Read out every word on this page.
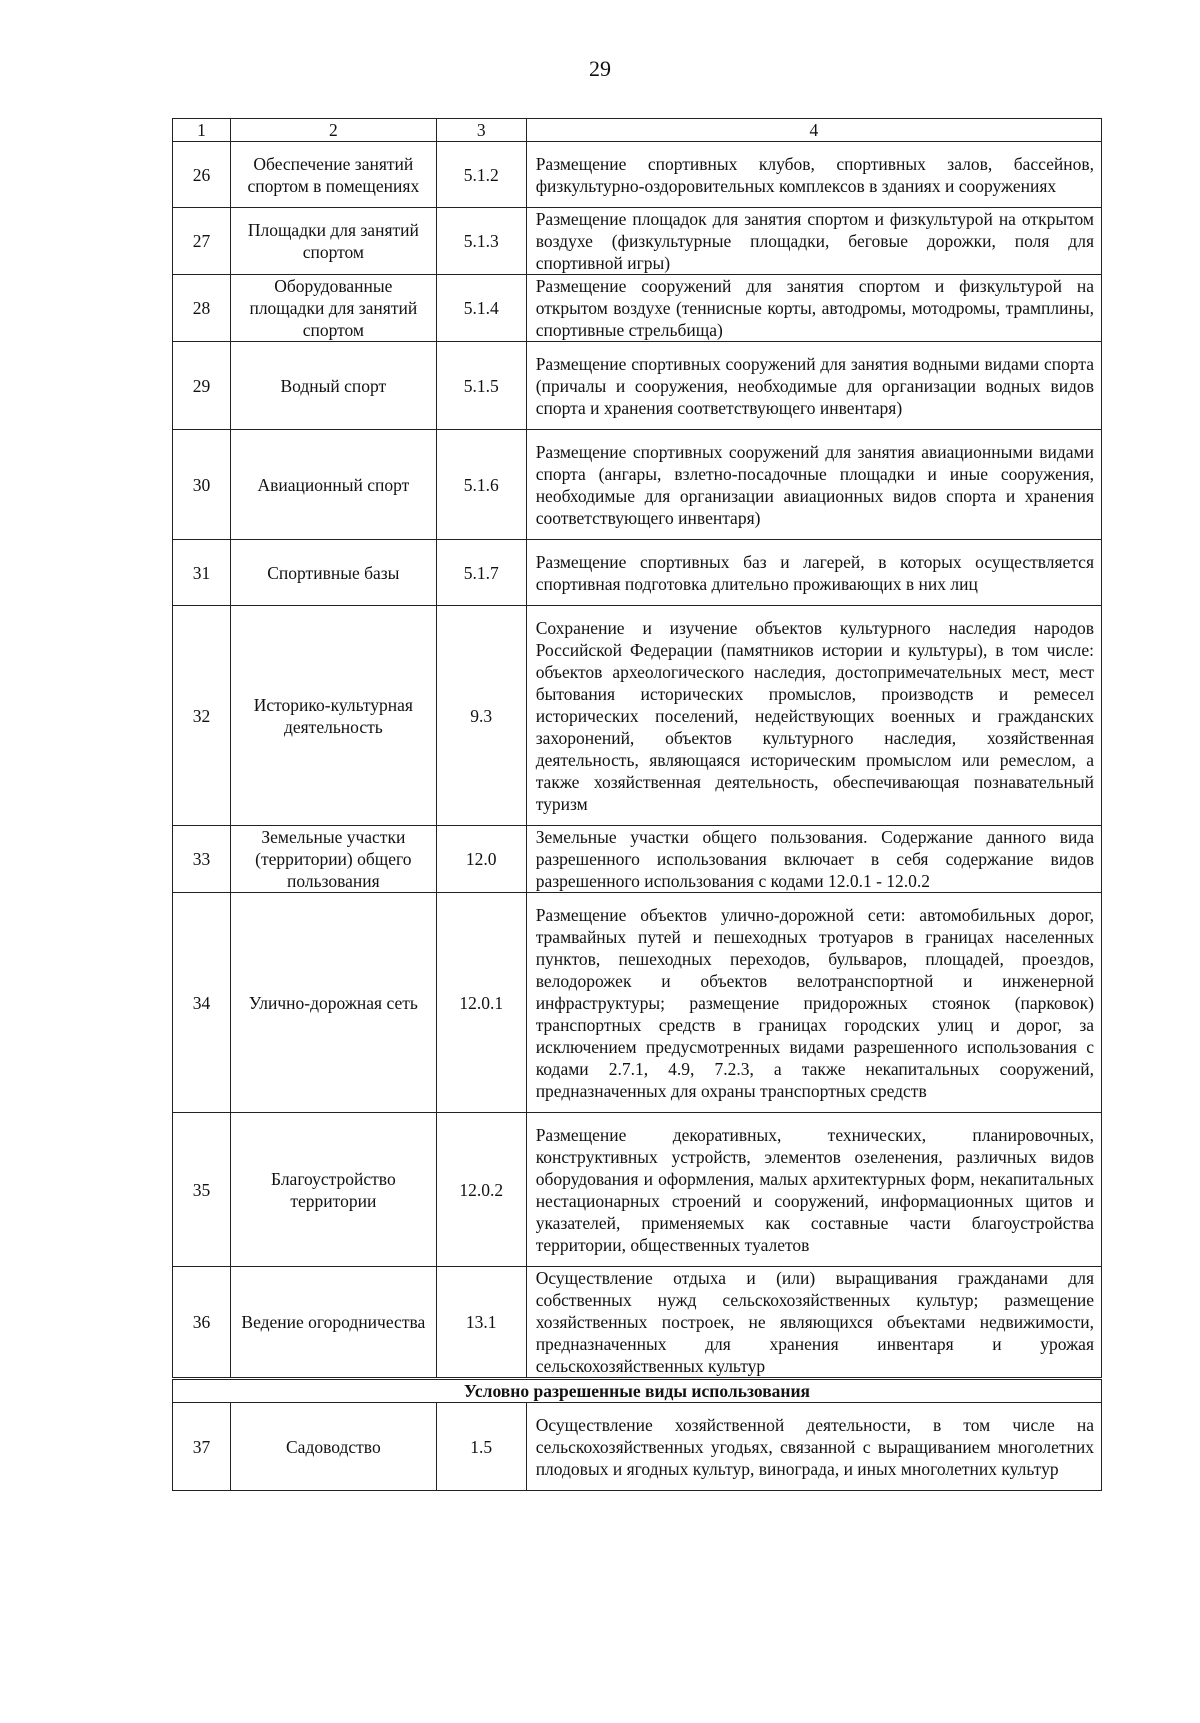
29
1	2	3	4
26	Обеспечение занятий спортом в помещениях	5.1.2	Размещение спортивных клубов, спортивных залов, бассейнов, физкультурно-оздоровительных комплексов в зданиях и сооружениях
27	Площадки для занятий спортом	5.1.3	Размещение площадок для занятия спортом и физкультурой на открытом воздухе (физкультурные площадки, беговые дорожки, поля для спортивной игры)
28	Оборудованные площадки для занятий спортом	5.1.4	Размещение сооружений для занятия спортом и физкультурой на открытом воздухе (теннисные корты, автодромы, мотодромы, трамплины, спортивные стрельбища)
29	Водный спорт	5.1.5	Размещение спортивных сооружений для занятия водными видами спорта (причалы и сооружения, необходимые для организации водных видов спорта и хранения соответствующего инвентаря)
30	Авиационный спорт	5.1.6	Размещение спортивных сооружений для занятия авиационными видами спорта (ангары, взлетно-посадочные площадки и иные сооружения, необходимые для организации авиационных видов спорта и хранения соответствующего инвентаря)
31	Спортивные базы	5.1.7	Размещение спортивных баз и лагерей, в которых осуществляется спортивная подготовка длительно проживающих в них лиц
32	Историко-культурная деятельность	9.3	Сохранение и изучение объектов культурного наследия народов Российской Федерации (памятников истории и культуры), в том числе: объектов археологического наследия, достопримечательных мест, мест бытования исторических промыслов, производств и ремесел исторических поселений, недействующих военных и гражданских захоронений, объектов культурного наследия, хозяйственная деятельность, являющаяся историческим промыслом или ремеслом, а также хозяйственная деятельность, обеспечивающая познавательный туризм
33	Земельные участки (территории) общего пользования	12.0	Земельные участки общего пользования. Содержание данного вида разрешенного использования включает в себя содержание видов разрешенного использования с кодами 12.0.1 - 12.0.2
34	Улично-дорожная сеть	12.0.1	Размещение объектов улично-дорожной сети: автомобильных дорог, трамвайных путей и пешеходных тротуаров в границах населенных пунктов, пешеходных переходов, бульваров, площадей, проездов, велодорожек и объектов велотранспортной и инженерной инфраструктуры; размещение придорожных стоянок (парковок) транспортных средств в границах городских улиц и дорог, за исключением предусмотренных видами разрешенного использования с кодами 2.7.1, 4.9, 7.2.3, а также некапитальных сооружений, предназначенных для охраны транспортных средств
35	Благоустройство территории	12.0.2	Размещение декоративных, технических, планировочных, конструктивных устройств, элементов озеленения, различных видов оборудования и оформления, малых архитектурных форм, некапитальных нестационарных строений и сооружений, информационных щитов и указателей, применяемых как составные части благоустройства территории, общественных туалетов
36	Ведение огородничества	13.1	Осуществление отдыха и (или) выращивания гражданами для собственных нужд сельскохозяйственных культур; размещение хозяйственных построек, не являющихся объектами недвижимости, предназначенных для хранения инвентаря и урожая сельскохозяйственных культур
Условно разрешенные виды использования			
37	Садоводство	1.5	Осуществление хозяйственной деятельности, в том числе на сельскохозяйственных угодьях, связанной с выращиванием многолетних плодовых и ягодных культур, винограда, и иных многолетних культур
